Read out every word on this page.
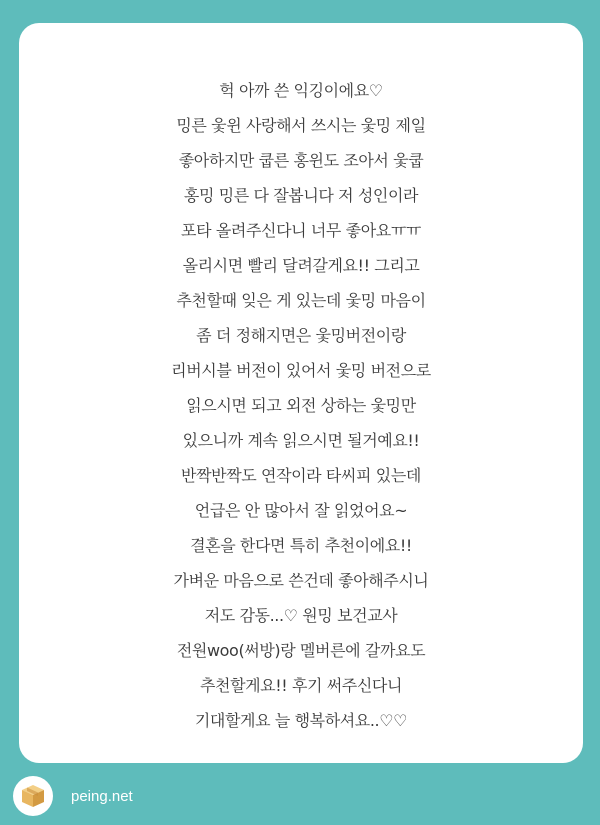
헉 아까 쓴 익깅이에요♡
밍른 웇윈 사랑해서 쓰시는 웇밍 제일
좋아하지만 쿱른 홍윈도 조아서 웇쿱
홍밍 밍른 다 잘봅니다 저 성인이라
포타 올려주신다니 너무 좋아요ㅠㅠ
올리시면 빨리 달려갈게요!! 그리고
추천할때 잊은 게 있는데 웇밍 마음이
좀 더 정해지면은 웇밍버전이랑
리버시블 버전이 있어서 웇밍 버전으로
읽으시면 되고 외전 상하는 웇밍만
있으니까 계속 읽으시면 될거예요!!
반짝반짝도 연작이라 타씨피 있는데
언급은 안 많아서 잘 읽었어요~
결혼을 한다면 특히 추천이에요!!
가벼운 마음으로 쓴건데 좋아해주시니
저도 감동...♡ 원밍 보건교사
전원woo(써방)랑 멜버른에 갈까요도
추천할게요!! 후기 써주신다니
기대할게요 늘 행복하셔요..♡♡
peing.net
